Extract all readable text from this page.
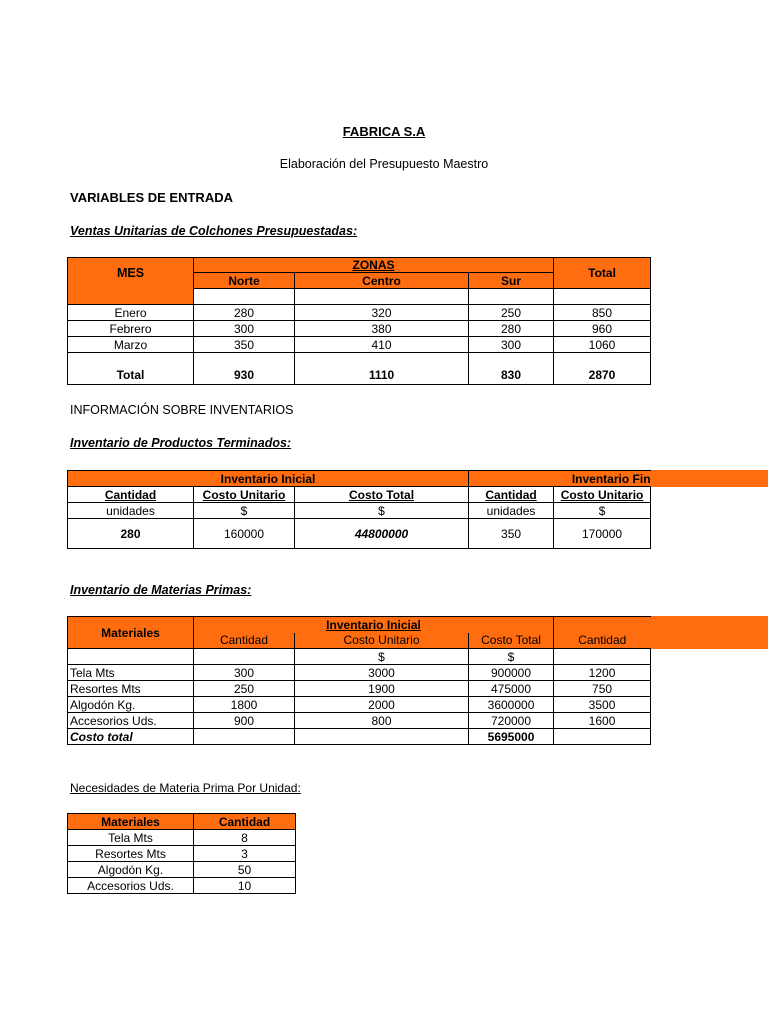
FABRICA S.A
Elaboración del Presupuesto Maestro
VARIABLES DE ENTRADA
Ventas Unitarias de Colchones Presupuestadas:
MES	ZONAS			Total
	Norte	Centro	Sur	

Enero	280	320	250	850
Febrero	300	380	280	960
Marzo	350	410	300	1060
Total	930	1110	830	2870
INFORMACIÓN SOBRE INVENTARIOS
Inventario de Productos Terminados:
Inventario Inicial			Inventario Fin	
Cantidad	Costo Unitario	Costo Total	Cantidad	Costo Unitario
unidades	$	$	unidades	$
280	160000	44800000	350	170000
Inventario de Materias Primas:
Materiales	Inventario Inicial			
	Cantidad	Costo Unitario	Costo Total	Cantidad
		$	$	
Tela Mts	300	3000	900000	1200
Resortes Mts	250	1900	475000	750
Algodón Kg.	1800	2000	3600000	3500
Accesorios Uds.	900	800	720000	1600
Costo total			5695000	
Necesidades de Materia Prima Por Unidad:
Materiales	Cantidad
Tela Mts	8
Resortes Mts	3
Algodón Kg.	50
Accesorios Uds.	10
